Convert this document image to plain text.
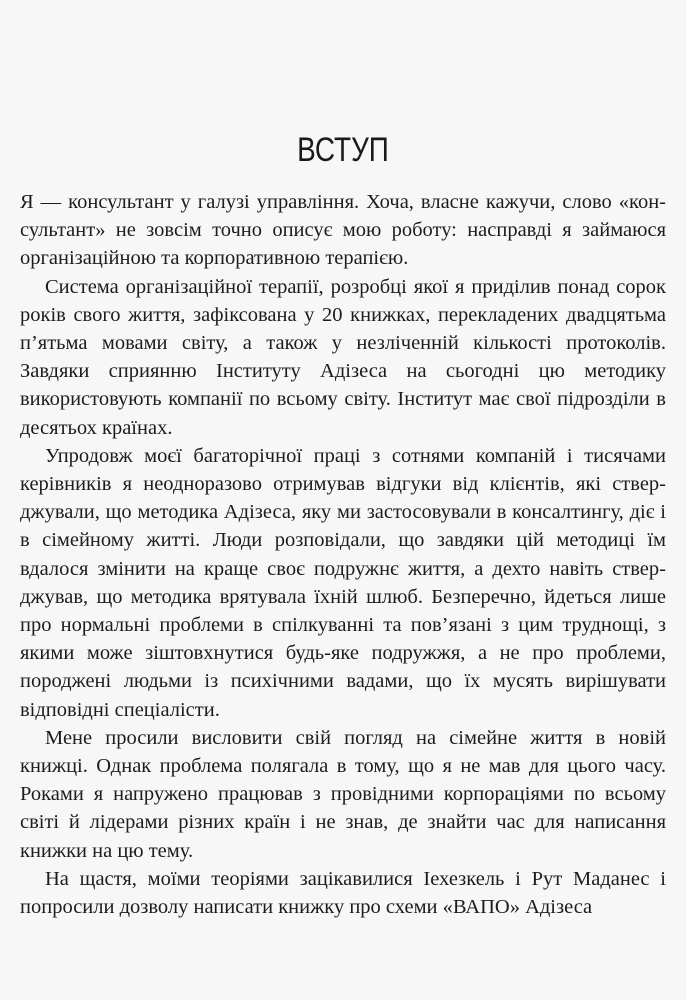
ВСТУП

Я — консультант у галузі управління. Хоча, власне кажучи, слово «консультант» не зовсім точно описує мою роботу: насправді я займаюся організаційною та корпоративною терапією.

Система організаційної терапії, розробці якої я приділив понад сорок років свого життя, зафіксована у 20 книжках, перекладених двадцятьма п’ятьма мовами світу, а також у незліченній кількості протоколів. Завдяки сприянню Інституту Адізеса на сьогодні цю методику використовують компанії по всьому світу. Інститут має свої підрозділи в десятьох країнах.

Упродовж моєї багаторічної праці з сотнями компаній і тисячами керівників я неодноразово отримував відгуки від клієнтів, які стверджували, що методика Адізеса, яку ми застосовували в консалтингу, діє і в сімейному житті. Люди розповідали, що завдяки цій методиці їм вдалося змінити на краще своє подружнє життя, а дехто навіть стверджував, що методика врятувала їхній шлюб. Безперечно, йдеться лише про нормальні проблеми в спілкуванні та пов’язані з цим труднощі, з якими може зіштовхнутися будь-яке подружжя, а не про проблеми, породжені людьми із психічними вадами, що їх мусять вирішувати відповідні спеціалісти.

Мене просили висловити свій погляд на сімейне життя в новій книжці. Однак проблема полягала в тому, що я не мав для цього часу. Роками я напружено працював з провідними корпораціями по всьому світі й лідерами різних країн і не знав, де знайти час для написання книжки на цю тему.

На щастя, моїми теоріями зацікавилися Іехезкель і Рут Маданес і попросили дозволу написати книжку про схеми «ВАПО» Адізеса
